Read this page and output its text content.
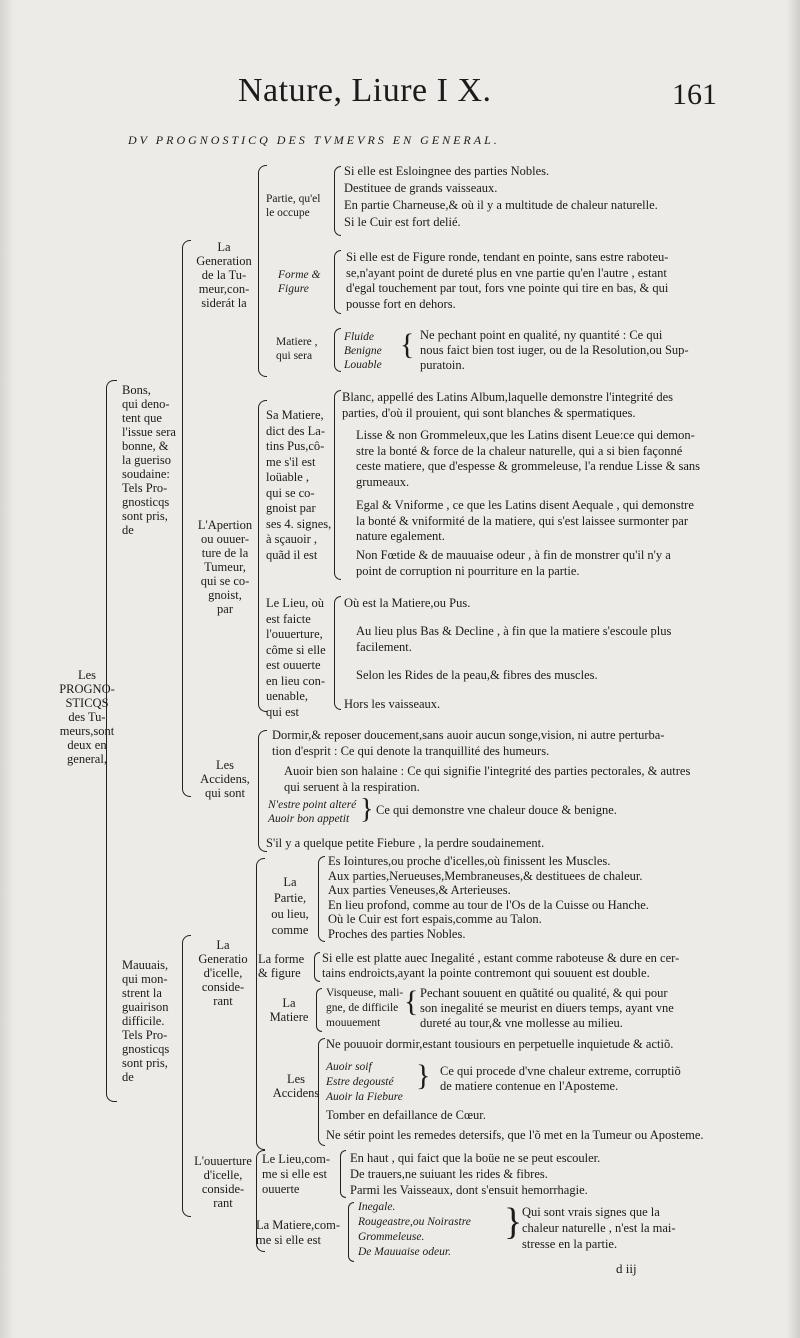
Nature, Liure I X.	161
DV PROGNOSTICQ DES TVMEVRS EN GENERAL.
Les
PROGNO-
STICQS
des Tu-
meurs,sont
deux en
general,
Bons,
qui deno-
tent que
l'issue sera
bonne, &
la gueriso
soudaine:
Tels Pro-
gnosticqs
sont pris,
de
Mauuais,
qui mon-
strent la
guairison
difficile.
Tels Pro-
gnosticqs
sont pris,
de
La
Generation
de la Tu-
meur,con-
siderát la
Partie, qu'el
le occupe
Si elle est Esloingnee des parties Nobles.
Destituee de grands vaisseaux.
En partie Charneuse,& où il y a multitude de chaleur naturelle.
Si le Cuir est fort delié.
Forme &
Figure
Si elle est de Figure ronde, tendant en pointe, sans estre raboteu-
se,n'ayant point de dureté plus en vne partie qu'en l'autre , estant
d'egal touchement par tout, fors vne pointe qui tire en bas, & qui
pousse fort en dehors.
Matiere ,
qui sera
Fluide
Benigne
Louable
{ Ne pechant point en qualité, ny quantité : Ce qui
nous faict bien tost iuger, ou de la Resolution,ou Sup-
puratoin.
L'Apertion
ou ouuer-
ture de la
Tumeur,
qui se co-
gnoist,
par
Sa Matiere,
dict des La-
tins Pus,cô-
me s'il est
loüable ,
qui se co-
gnoist par
ses 4. signes,
à sçauoir ,
quãd il est
Blanc, appellé des Latins Album,laquelle demonstre l'integrité des
parties, d'où il prouient, qui sont blanches & spermatiques.
Lisse & non Grommeleux,que les Latins disent Leue:ce qui demon-
stre la bonté & force de la chaleur naturelle, qui a si bien façonné
ceste matiere, que d'espesse & grommeleuse, l'a rendue Lisse & sans
grumeaux.
Egal & Vniforme , ce que les Latins disent Aequale , qui demonstre
la bonté & vniformité de la matiere, qui s'est laissee surmonter par
nature egalement.
Non Fœtide & de mauuaise odeur , à fin de monstrer qu'il n'y a
point de corruption ni pourriture en la partie.
Le Lieu, où
est faicte
l'ouuerture,
côme si elle
est ouuerte
en lieu con-
uenable,
qui est
Où est la Matiere,ou Pus.
Au lieu plus Bas & Decline , à fin que la matiere s'escoule plus
facilement.
Selon les Rides de la peau,& fibres des muscles.
Hors les vaisseaux.
Les
Accidens,
qui sont
Dormir,& reposer doucement,sans auoir aucun songe,vision, ni autre perturba-
tion d'esprit : Ce qui denote la tranquillité des humeurs.
Auoir bien son halaine : Ce qui signifie l'integrité des parties pectorales, & autres
qui seruent à la respiration.
N'estre point alteré
Auoir bon appetit } Ce qui demonstre vne chaleur douce & benigne.
S'il y a quelque petite Fiebure , la perdre soudainement.
La
Generatio
d'icelle,
conside-
rant
La
Partie,
ou lieu,
comme
Es Iointures,ou proche d'icelles,où finissent les Muscles.
Aux parties,Nerueuses,Membraneuses,& destituees de chaleur.
Aux parties Veneuses,& Arterieuses.
En lieu profond, comme au tour de l'Os de la Cuisse ou Hanche.
Où le Cuir est fort espais,comme au Talon.
Proches des parties Nobles.
La forme
& figure
Si elle est platte auec Inegalité , estant comme raboteuse & dure en cer-
tains endroicts,ayant la pointe contremont qui souuent est double.
La
Matiere
Visqueuse, mali-
gne, de difficile
mouuement
{ Pechant souuent en quãtité ou qualité, & qui pour
son inegalité se meurist en diuers temps, ayant vne
dureté au tour,& vne mollesse au milieu.
Les
Accidens
Ne pouuoir dormir,estant tousiours en perpetuelle inquietude & actiõ.
Auoir soif
Estre degousté
Auoir la Fiebure
} Ce qui procede d'vne chaleur extreme, corruptiõ
de matiere contenue en l'Aposteme.
Tomber en defaillance de Cœur.
Ne sétir point les remedes detersifs, que l'õ met en la Tumeur ou Aposteme.
L'ouuerture
d'icelle,
conside-
rant
Le Lieu,com-
me si elle est
ouuerte
En haut , qui faict que la boüe ne se peut escouler.
De trauers,ne suiuant les rides & fibres.
Parmi les Vaisseaux, dont s'ensuit hemorrhagie.
La Matiere,com-
me si elle est
Inegale.
Rougeastre,ou Noirastre
Grommeleuse.
De Mauuaise odeur.
} Qui sont vrais signes que la
chaleur naturelle , n'est la mai-
stresse en la partie.
d iij
